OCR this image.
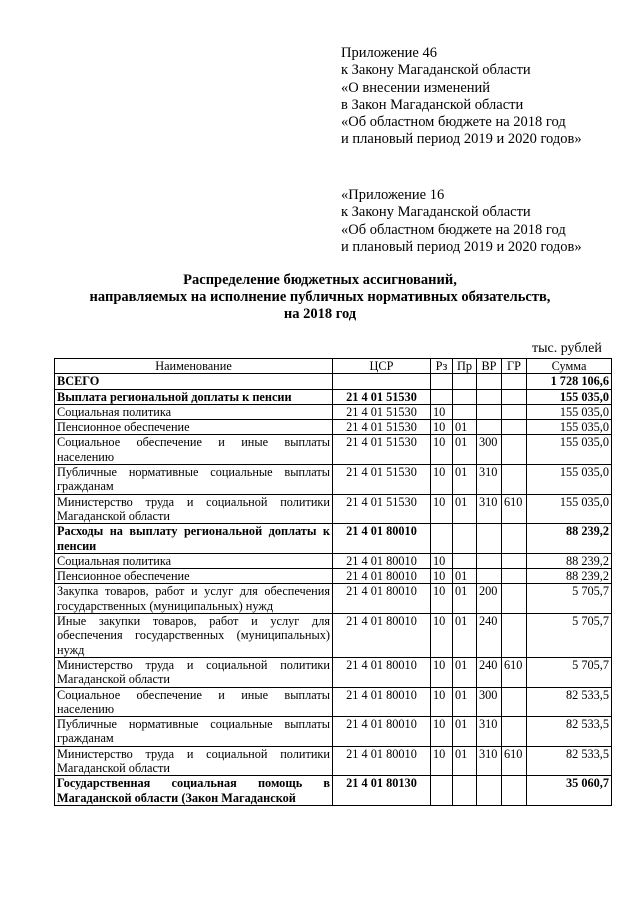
Приложение 46
к Закону Магаданской области
«О внесении изменений
в Закон Магаданской области
«Об областном бюджете на 2018 год
и плановый период 2019 и 2020 годов»
«Приложение 16
к Закону Магаданской области
«Об областном бюджете на 2018 год
и плановый период 2019 и 2020 годов»
Распределение бюджетных ассигнований,
направляемых на исполнение публичных нормативных обязательств,
на 2018 год
тыс. рублей
Наименование	ЦСР	Рз	Пр	ВР	ГР	Сумма
ВСЕГО						1 728 106,6
Выплата региональной доплаты к пенсии	21 4 01 51530					155 035,0
Социальная политика	21 4 01 51530	10				155 035,0
Пенсионное обеспечение	21 4 01 51530	10	01			155 035,0
Социальное обеспечение и иные выплаты населению	21 4 01 51530	10	01	300		155 035,0
Публичные нормативные социальные выплаты гражданам	21 4 01 51530	10	01	310		155 035,0
Министерство труда и социальной политики Магаданской области	21 4 01 51530	10	01	310	610	155 035,0
Расходы на выплату региональной доплаты к пенсии	21 4 01 80010					88 239,2
Социальная политика	21 4 01 80010	10				88 239,2
Пенсионное обеспечение	21 4 01 80010	10	01			88 239,2
Закупка товаров, работ и услуг для обеспечения государственных (муниципальных) нужд	21 4 01 80010	10	01	200		5 705,7
Иные закупки товаров, работ и услуг для обеспечения государственных (муниципальных) нужд	21 4 01 80010	10	01	240		5 705,7
Министерство труда и социальной политики Магаданской области	21 4 01 80010	10	01	240	610	5 705,7
Социальное обеспечение и иные выплаты населению	21 4 01 80010	10	01	300		82 533,5
Публичные нормативные социальные выплаты гражданам	21 4 01 80010	10	01	310		82 533,5
Министерство труда и социальной политики Магаданской области	21 4 01 80010	10	01	310	610	82 533,5
Государственная социальная помощь в Магаданской области (Закон Магаданской	21 4 01 80130					35 060,7
